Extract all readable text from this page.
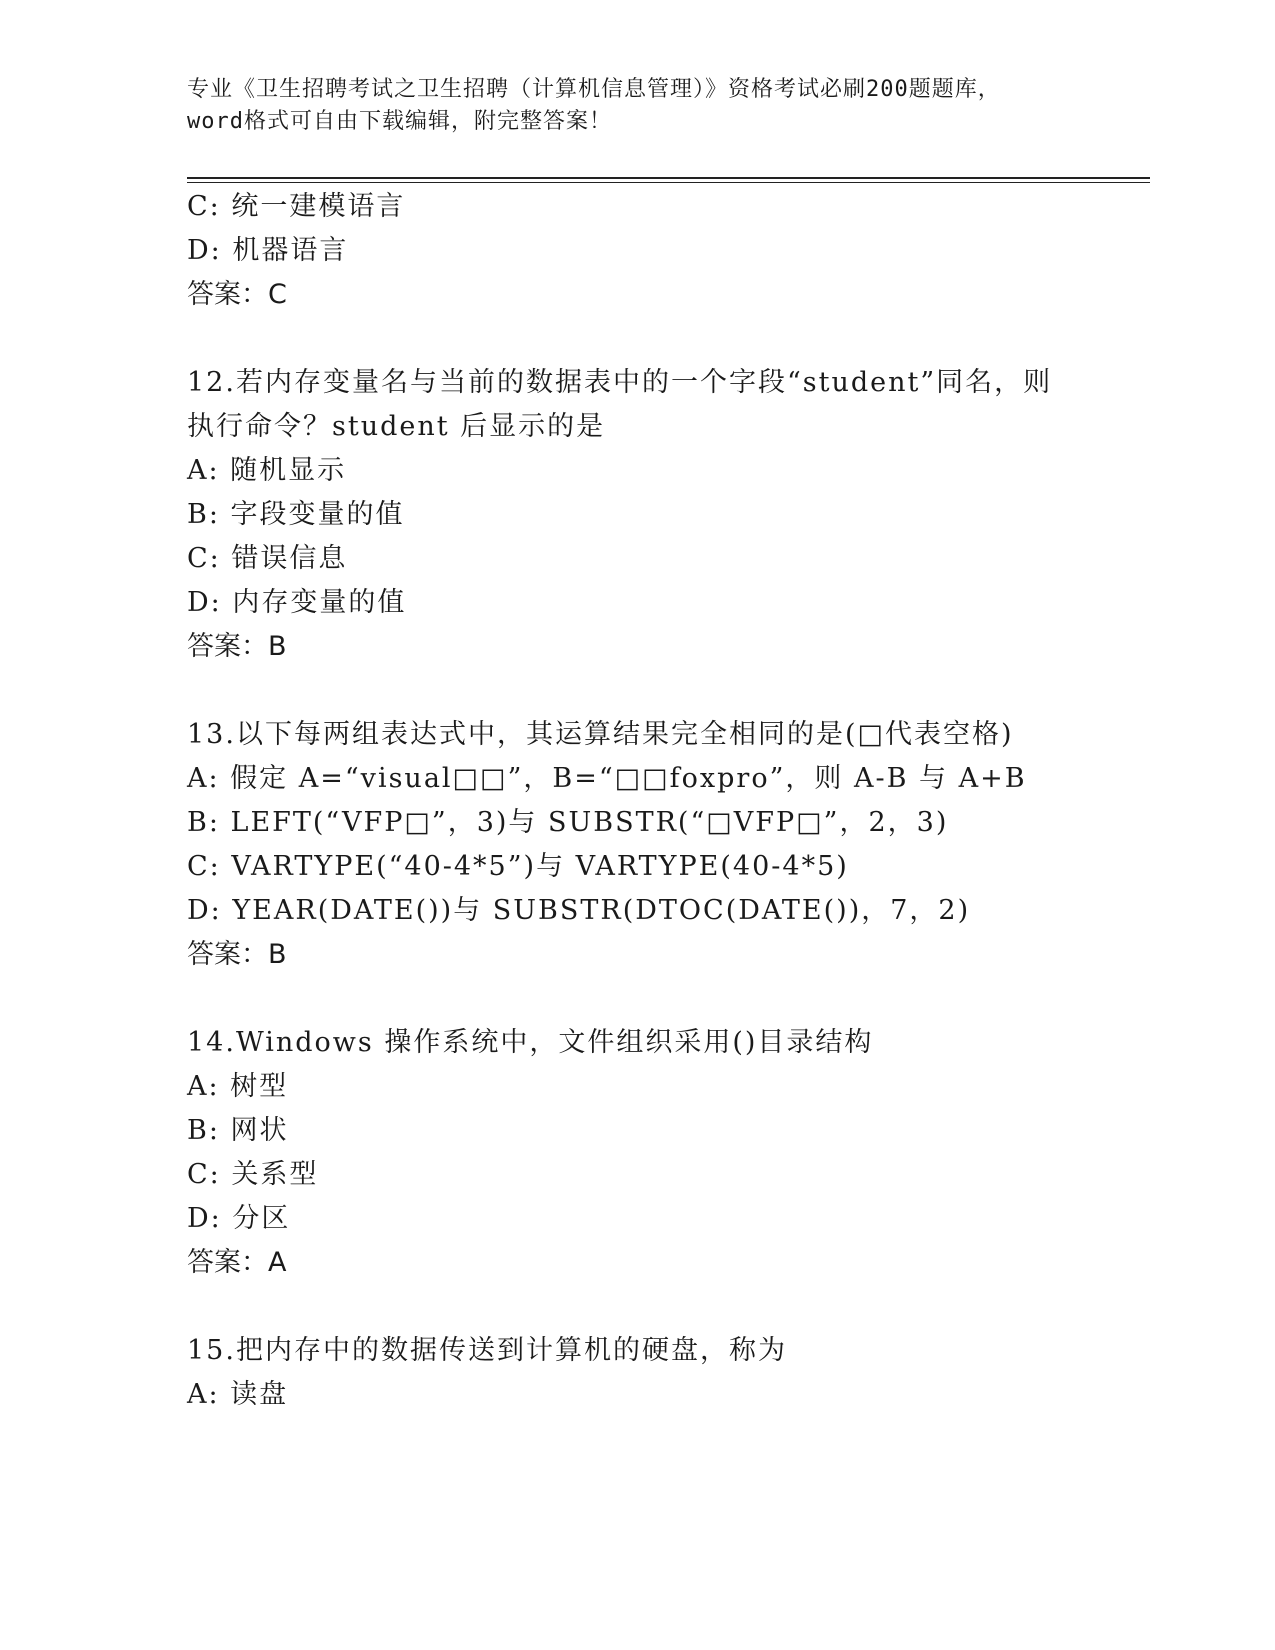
专业《卫生招聘考试之卫生招聘（计算机信息管理）》资格考试必刷200题题库，
word格式可自由下载编辑，附完整答案！
C: 统一建模语言
D: 机器语言
答案：C
12.若内存变量名与当前的数据表中的一个字段“student”同名，则
执行命令？student 后显示的是
A: 随机显示
B: 字段变量的值
C: 错误信息
D: 内存变量的值
答案：B
13.以下每两组表达式中，其运算结果完全相同的是(□代表空格)
A: 假定 A=“visual□□”，B=“□□foxpro”，则 A-B 与 A+B
B: LEFT(“VFP□”，3)与 SUBSTR(“□VFP□”，2，3)
C: VARTYPE(“40-4*5”)与 VARTYPE(40-4*5)
D: YEAR(DATE())与 SUBSTR(DTOC(DATE())，7，2)
答案：B
14.Windows 操作系统中，文件组织采用()目录结构
A: 树型
B: 网状
C: 关系型
D: 分区
答案：A
15.把内存中的数据传送到计算机的硬盘，称为
A: 读盘
